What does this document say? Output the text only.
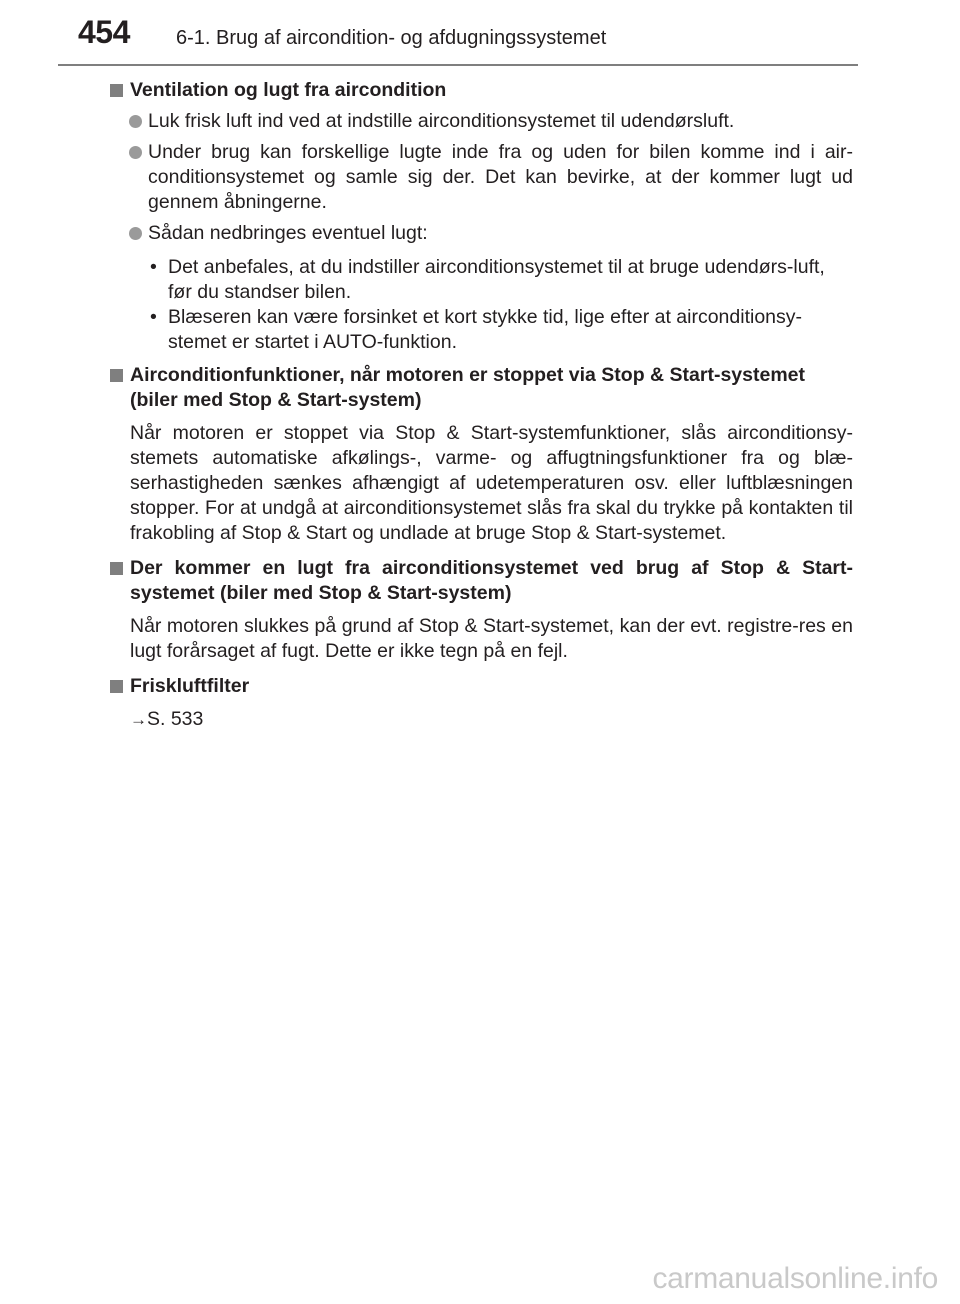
454 6-1. Brug af aircondition- og afdugningssystemet
Ventilation og lugt fra aircondition
Luk frisk luft ind ved at indstille airconditionsystemet til udendørsluft.
Under brug kan forskellige lugte inde fra og uden for bilen komme ind i air-conditionsystemet og samle sig der. Det kan bevirke, at der kommer lugt ud gennem åbningerne.
Sådan nedbringes eventuel lugt:
• Det anbefales, at du indstiller airconditionsystemet til at bruge udendørs-luft, før du standser bilen.
• Blæseren kan være forsinket et kort stykke tid, lige efter at airconditionsy-stemet er startet i AUTO-funktion.
Airconditionfunktioner, når motoren er stoppet via Stop & Start-systemet (biler med Stop & Start-system)
Når motoren er stoppet via Stop & Start-systemfunktioner, slås airconditionsy-stemets automatiske afkølings-, varme- og affugtningsfunktioner fra og blæ-serhastigheden sænkes afhængigt af udetemperaturen osv. eller luftblæsningen stopper. For at undgå at airconditionsystemet slås fra skal du trykke på kontakten til frakobling af Stop & Start og undlade at bruge Stop & Start-systemet.
Der kommer en lugt fra airconditionsystemet ved brug af Stop & Start-systemet (biler med Stop & Start-system)
Når motoren slukkes på grund af Stop & Start-systemet, kan der evt. registre-res en lugt forårsaget af fugt. Dette er ikke tegn på en fejl.
Friskluftfilter
→S. 533
carmanualsonline.info
